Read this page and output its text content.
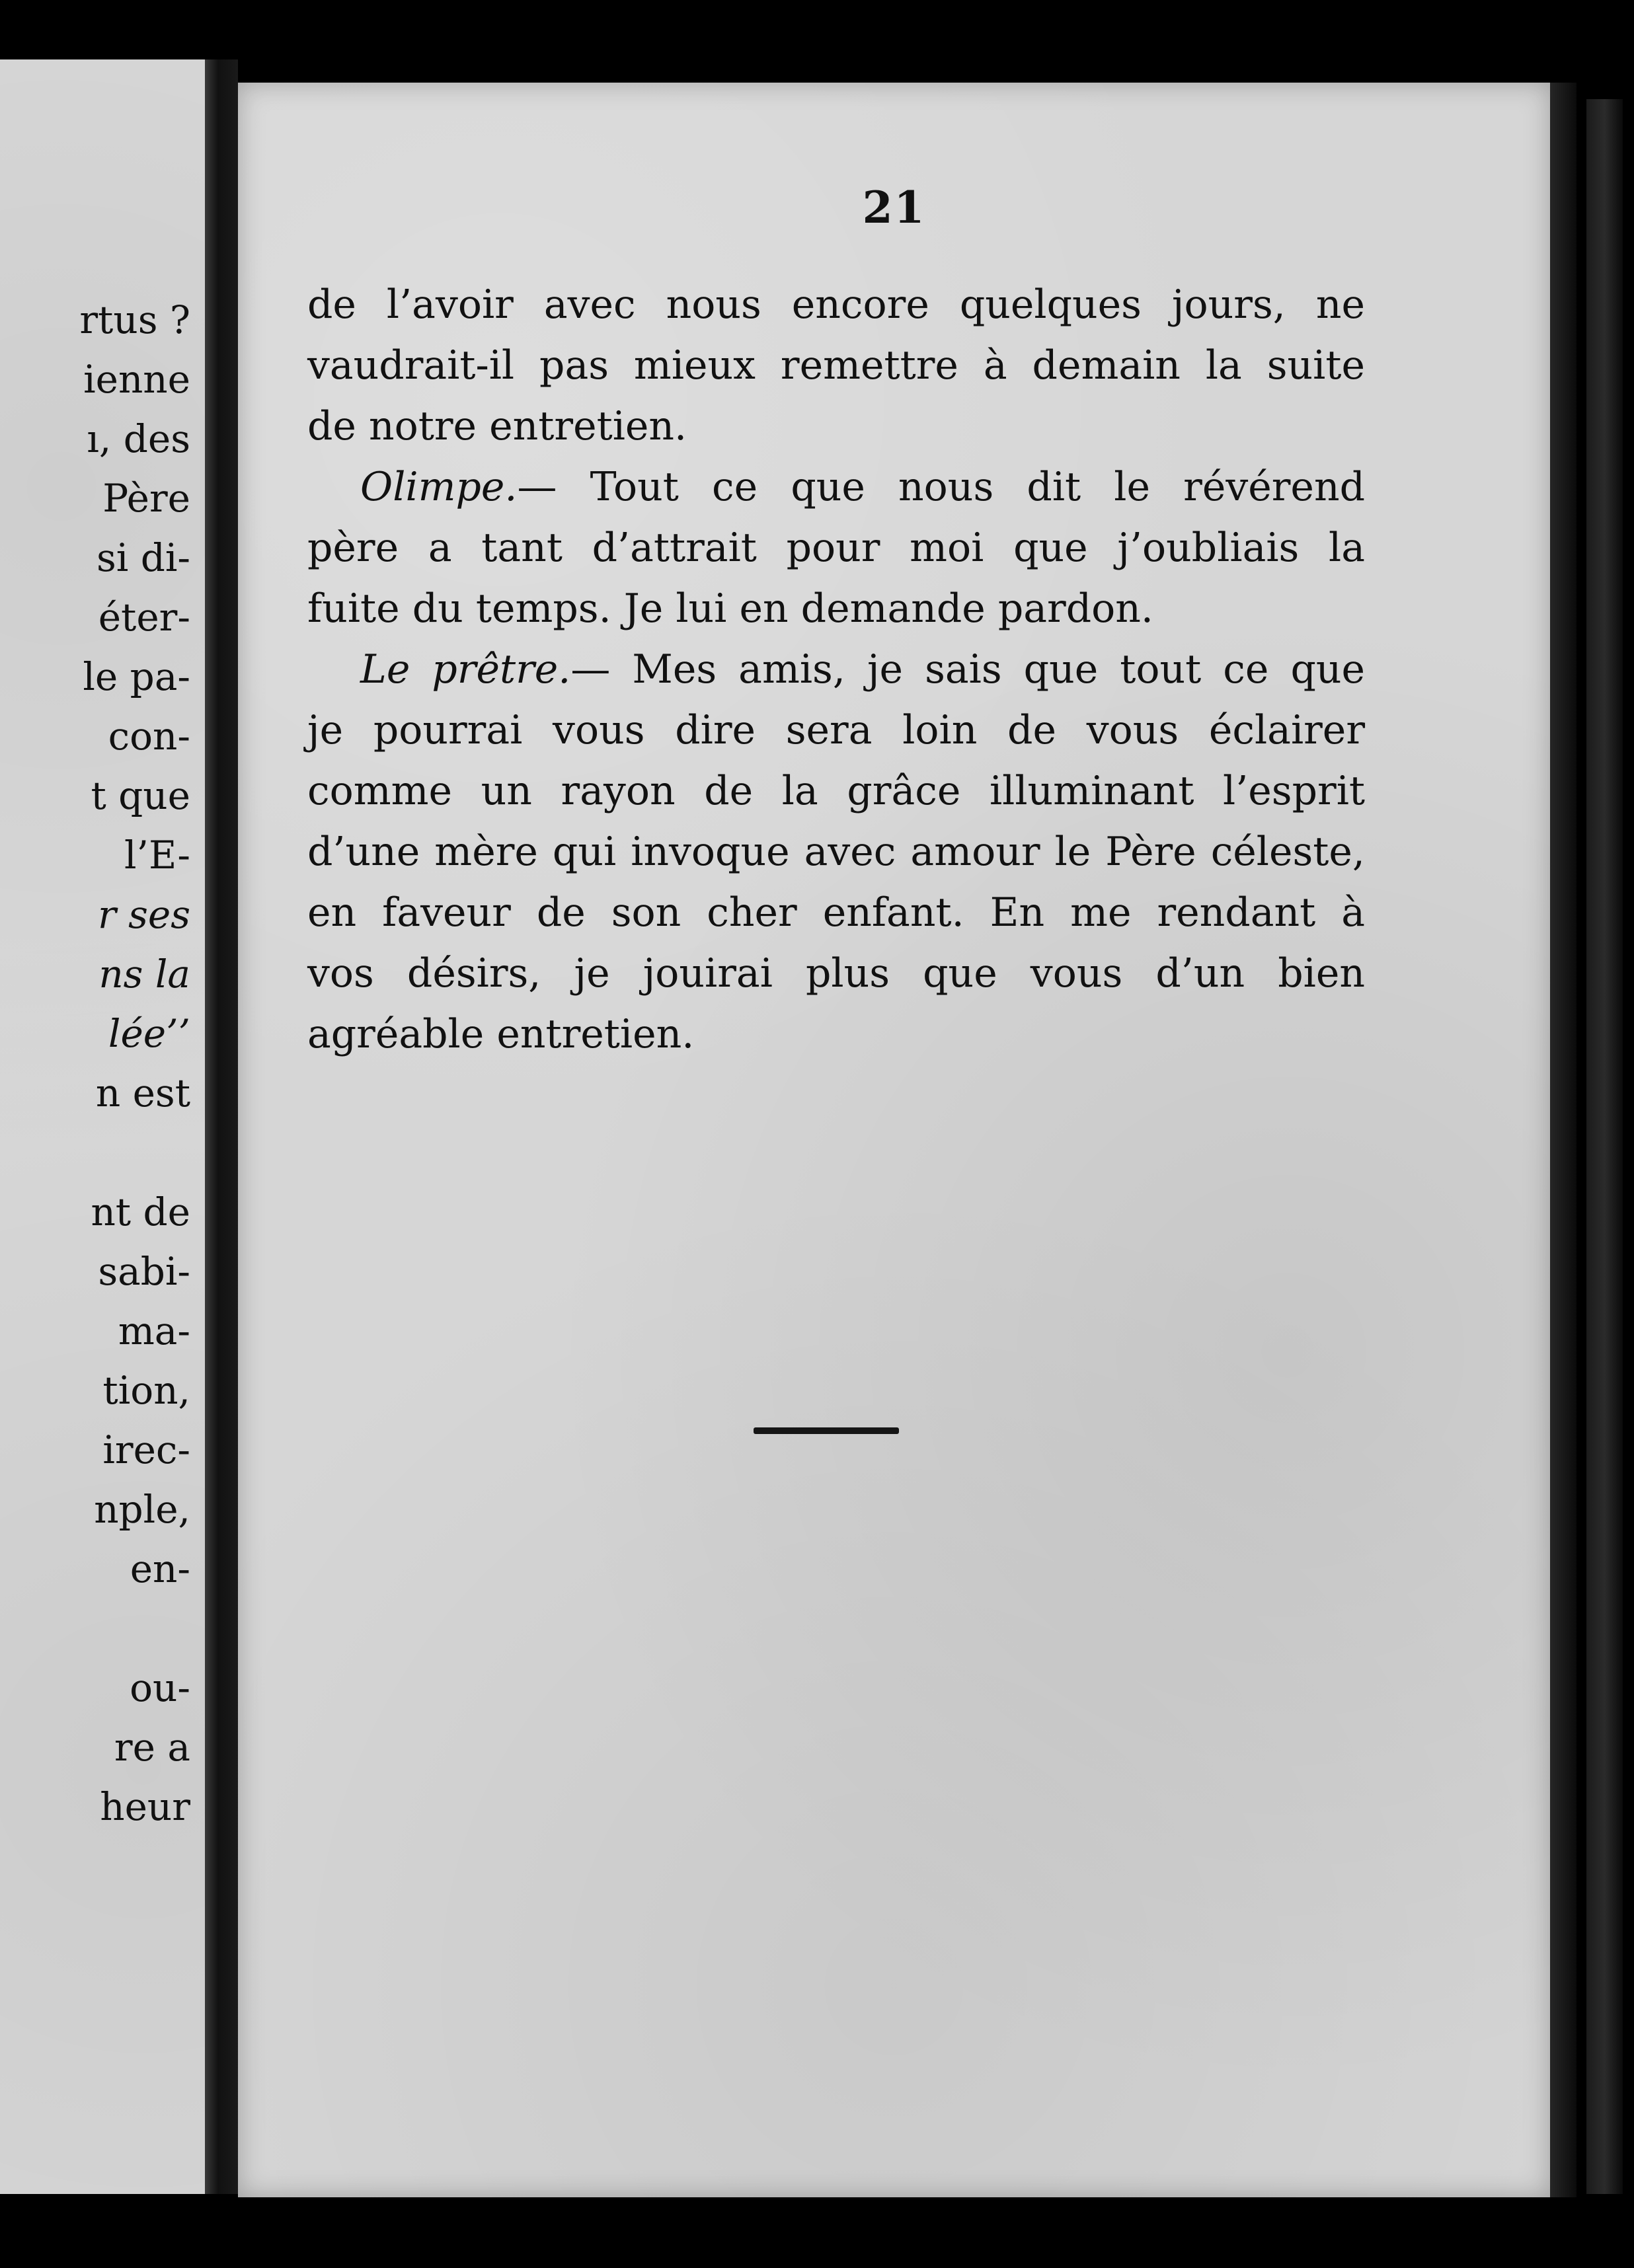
rtus ?
ienne
ı, des
Père
si di-
éter-
le pa-
con-
t que
l’E-
r ses
ns la
lée’’
n est
nt de
sabi-
ma-
tion,
irec-
nple,
en-
ou-
re a
heur
21
de l’avoir avec nous encore quelques jours, ne
vaudrait-il pas mieux remettre à demain la suite
de notre entretien.
Olimpe.— Tout ce que nous dit le révérend
père a tant d’attrait pour moi que j’oubliais la
fuite du temps. Je lui en demande pardon.
Le prêtre.— Mes amis, je sais que tout ce que
je pourrai vous dire sera loin de vous éclairer
comme un rayon de la grâce illuminant l’esprit
d’une mère qui invoque avec amour le Père céleste,
en faveur de son cher enfant. En me rendant à
vos désirs, je jouirai plus que vous d’un bien
agréable entretien.
